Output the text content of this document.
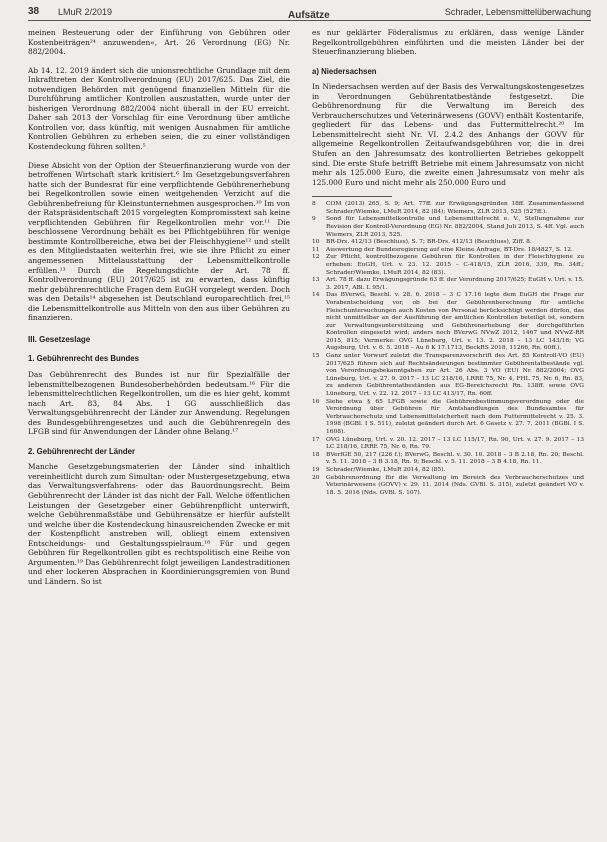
38 LMuR 2/2019	Aufsätze	Schrader, Lebensmittelüberwachung

meinen Besteuerung oder der Einführung von Gebühren oder Kostenbeiträgen²⁴ anzuwenden«, Art. 26 Verordnung (EG) Nr. 882/2004.

Ab 14. 12. 2019 ändert sich die unionsrechtliche Grundlage mit dem Inkrafttreten der Kontrollverordnung (EU) 2017/625. Das Ziel, die notwendigen Behörden mit genügend finanziellen Mitteln für die Durchführung amtlicher Kontrollen auszustatten, wurde unter der bisherigen Verordnung 882/2004 nicht überall in der EU erreicht. Daher sah 2013 der Vorschlag für eine Verordnung über amtliche Kontrollen vor, dass künftig, mit wenigen Ausnahmen für amtliche Kontrollen Gebühren zu erheben seien, die zu einer vollständigen Kostendeckung führen sollten.⁵

Diese Absicht von der Option der Steuerfinanzierung wurde von der betroffenen Wirtschaft stark kritisiert.⁶ Im Gesetzgebungsverfahren hatte sich der Bundesrat für eine verpflichtende Gebührenerhebung bei Regelkontrollen sowie einen weitgehenden Verzicht auf die Gebührenbefreiung für Kleinstunternehmen ausgesprochen.¹⁰ Im von der Ratspräsidentschaft 2015 vorgelegten Kompromisstext sah keine verpflichtenden Gebühren für Regelkontrollen mehr vor.¹¹ Die beschlossene Verordnung behält es bei Pflichtgebühren für wenige bestimmte Kontrollbereiche, etwa bei der Fleischhygiene¹² und stellt es den Mitgliedstaaten weiterhin frei, wie sie ihre Pflicht zu einer angemessenen Mittelausstattung der Lebensmittelkontrolle erfüllen.¹³ Durch die Regelungsdichte der Art. 78 ff. Kontrollverordnung (EU) 2017/625 ist zu erwarten, dass künftig mehr gebührenrechtliche Fragen dem EuGH vorgelegt werden. Doch was den Details¹⁴ abgesehen ist Deutschland europarechtlich frei,¹⁵ die Lebensmittelkontrolle aus Mitteln von den aus über Gebühren zu finanzieren.

III. Gesetzeslage
1. Gebührenrecht des Bundes

Das Gebührenrecht des Bundes ist nur für Spezialfälle der lebensmittelbezogenen Bundesoberbehörden bedeutsam.¹⁶ Für die lebensmittelrechtlichen Regelkontrollen, um die es hier geht, kommt nach Art. 83, 84 Abs. 1 GG ausschließlich das Verwaltungsgebührenrecht der Länder zur Anwendung. Regelungen des Bundesgebührengesetzes und auch die Gebührenregeln des LFGB sind für Anwendungen der Länder ohne Belang.¹⁷

2. Gebührenrecht der Länder

Manche Gesetzgebungsmaterien der Länder sind inhaltlich vereinheitlicht durch zum Simultan- oder Mustergesetzgebung, etwa das Verwaltungsverfahrens- oder das Bauordnungsrecht. Beim Gebührenrecht der Länder ist das nicht der Fall. Welche öffentlichen Leistungen der Gesetzgeber einer Gebührenpflicht unterwirft, welche Gebührenmaßstäbe und Gebührensätze er hierfür aufstellt und welche über die Kostendeckung hinausreichenden Zwecke er mit der Kostenpflicht anstreben will, obliegt einem extensiven Entscheidungs- und Gestaltungsspielraum.¹⁸ Für und gegen Gebühren für Regelkontrollen gibt es rechtspolitisch eine Reihe von Argumenten.¹⁹ Das Gebührenrecht folgt jeweiligen Landestraditionen und eher lockeren Absprachen in Koordinierungsgremien von Bund und Ländern. So ist

es nur geklärter Föderalismus zu erklären, dass wenige Länder Regelkontrollgebühren einführten und die meisten Länder bei der Steuerfinanzierung blieben.

a) Niedersachsen

In Niedersachsen werden auf der Basis des Verwaltungskostengesetzes in Verordnungen Gebührentatbestände festgesetzt. Die Gebührenordnung für die Verwaltung im Bereich des Verbraucherschutzes und Veterinärwesens (GOVV) enthält Kostentarife, gegliedert für das Lebens- und das Futtermittelrecht.²⁰ Im Lebensmittelrecht sieht Nr. VI. 2.4.2 des Anhangs der GOVV für allgemeine Regelkontrollen Zeitaufwandsgebühren vor, die in drei Stufen an den Jahresumsatz des kontrollierten Betriebes gekoppelt sind. Die erste Stufe betrifft Betriebe mit einem Jahresumsatz von nicht mehr als 125.000 Euro, die zweite einen Jahresumsatz von mehr als 125.000 Euro und nicht mehr als 250.000 Euro und

8	COM (2013) 265, S. 9; Art. 77ff. zur Erwägungsgründen 18ff. Zusammenfassend Schrader/Wiemke, LMuR 2014, 82 (84); Wiemers, ZLR 2013, 525 (527ff.).
9	Sond für Lebensmittelkontrolle und Lebensmittelrecht e. V., Stellungnahme zur Revision der Kontroll-Verordnung (EG) Nr. 882/2004, Stand Juli 2013, S. 4ff. Vgl. auch Wiemers, ZLR 2013, 525.
10	BR-Drs. 412/13 (Beschluss), S. 7; BR-Drs. 412/13 (Beschluss), Ziff. 8.
11	Auswertung der Bundesregierung auf eine Kleine Anfrage, BT-Drs. 18/4827, S. 12.
12	Zur Pflicht, kontrollbezogene Gebühren für Kontrollen in der Fleischhygiene zu erheben: EuGH, Urt. v. 23. 12. 2015 – C-418/15, ZLR 2016, 339, Rn. 34ff.; Schrader/Wiemke, LMuR 2014, 82 (83).
13	Art. 78 ff. dazu Erwägungsgründe 63 ff. der Verordnung 2017/625; EuGH v. Urt. v. 15. 3. 2017, ABl. L 95/1.
14	Das BVerwG, Beschl. v. 28. 6. 2018 – 3 C 17.16 legte dem EuGH die Frage zur Vorabentscheidung vor, ob bei der Gebührenberechnung für amtliche Fleischuntersuchungen auch Kosten von Personal berücksichtigt werden dürfen, das nicht unmittelbar an der Ausführung der amtlichen Kontrollen beteiligt ist, sondern zur Verwaltungsunterstützung und Gebührenerhebung der durchgeführten Kontrollen eingesetzt wird; anders noch BVerwG NVwZ 2012, 1467 und NVwZ-RR 2015, 815; Vermerke: OVG Lüneburg, Urt. v. 13. 2. 2018 – 13 LC 143/16; VG Augsburg, Urt. v. 6. 5. 2018 – Au 6 K 17.1713, BeckRS 2018, 11266, Rn. 60ff.).
15	Ganz unter Vorwurf zuletzt die Transparenzvorschrift des Art. 85 Kontroll-VO (EU) 2017/625 führen sich auf Rechtsänderungen bestimmter Gebührentatbestände vgl. von Verordnungsbekanntgaben zur Art. 26 Abs. 3 VO (EU) Nr. 882/2004; OVG Lüneburg, Urt. v. 27. 9. 2017 – 13 LC 218/16, LRRE 75, Nr. 4, FHL 75, Nr. 6, Rn. 83, zu anderen Gebührentatbeständen aus EG-Bereichsrecht Rn. 138ff. sowie OVG Lüneburg, Urt. v. 22. 12. 2017 – 13 LC 413/17, Rn. 60ff.
16	Siehe etwa § 65 LFGB sowie die Gebührenbestimmungsverordnung oder die Verordnung über Gebühren für Amtshandlungen des Bundesamtes für Verbraucherschutz und Lebensmittelsicherheit nach dem Futtermittelrecht v. 25. 3. 1998 (BGBl. I S. 511), zuletzt geändert durch Art. 6 Gesetz v. 27. 7. 2011 (BGBl. I S. 1608).
17	OVG Lüneburg, Urt. v. 20. 12. 2017 – 13 LC 115/17, Rn. 90, Urt. v. 27. 9. 2017 – 13 LC 218/16, LRRE 75, Nr. 6, Rn. 79.
18	BVerfGE 50, 217 (226 f.); BVerwG, Beschl. v. 30. 10. 2018 – 3 B 2.18, Rn. 20; Beschl. v. 5. 11. 2018 – 3 B 3.18, Rn. 9; Beschl. v. 5. 11. 2018 – 3 B 4.18, Rn. 11.
19	Schrader/Wiemke, LMuR 2014, 82 (85).
20	Gebührenordnung für die Verwaltung im Bereich des Verbraucherschutzes und Veterinärwesens (GOVV) v. 29. 11. 2014 (Nds. GVBl. S. 315), zuletzt geändert VO v. 18. 5. 2016 (Nds. GVBl. S. 107).
